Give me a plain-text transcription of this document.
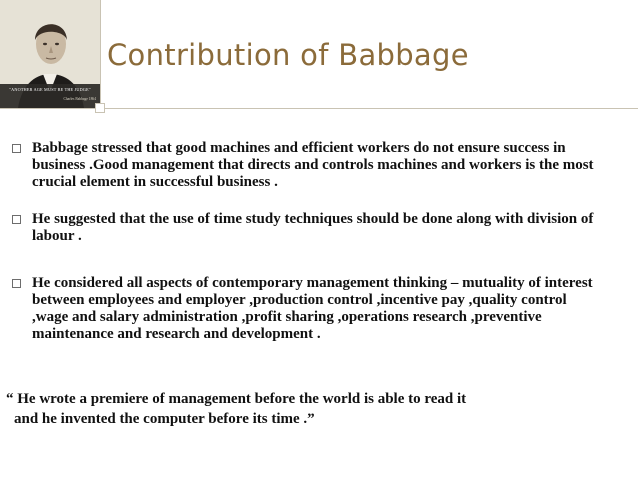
"ANOTHER AGE MUST BE THE JUDGE"
Charles Babbage 1864
Contribution of Babbage
Babbage stressed that good machines and efficient workers do not ensure success in business .Good management that directs and controls machines and workers is the most crucial element in successful business .
He suggested that the use of time study techniques should be done along with division of labour .
He considered all aspects of contemporary management thinking – mutuality of interest between employees and employer ,production control ,incentive pay ,quality control ,wage and salary administration ,profit sharing ,operations research ,preventive maintenance and research and development .
“ He wrote a premiere of management before the world is able to read it
and he invented the computer before its time .”
